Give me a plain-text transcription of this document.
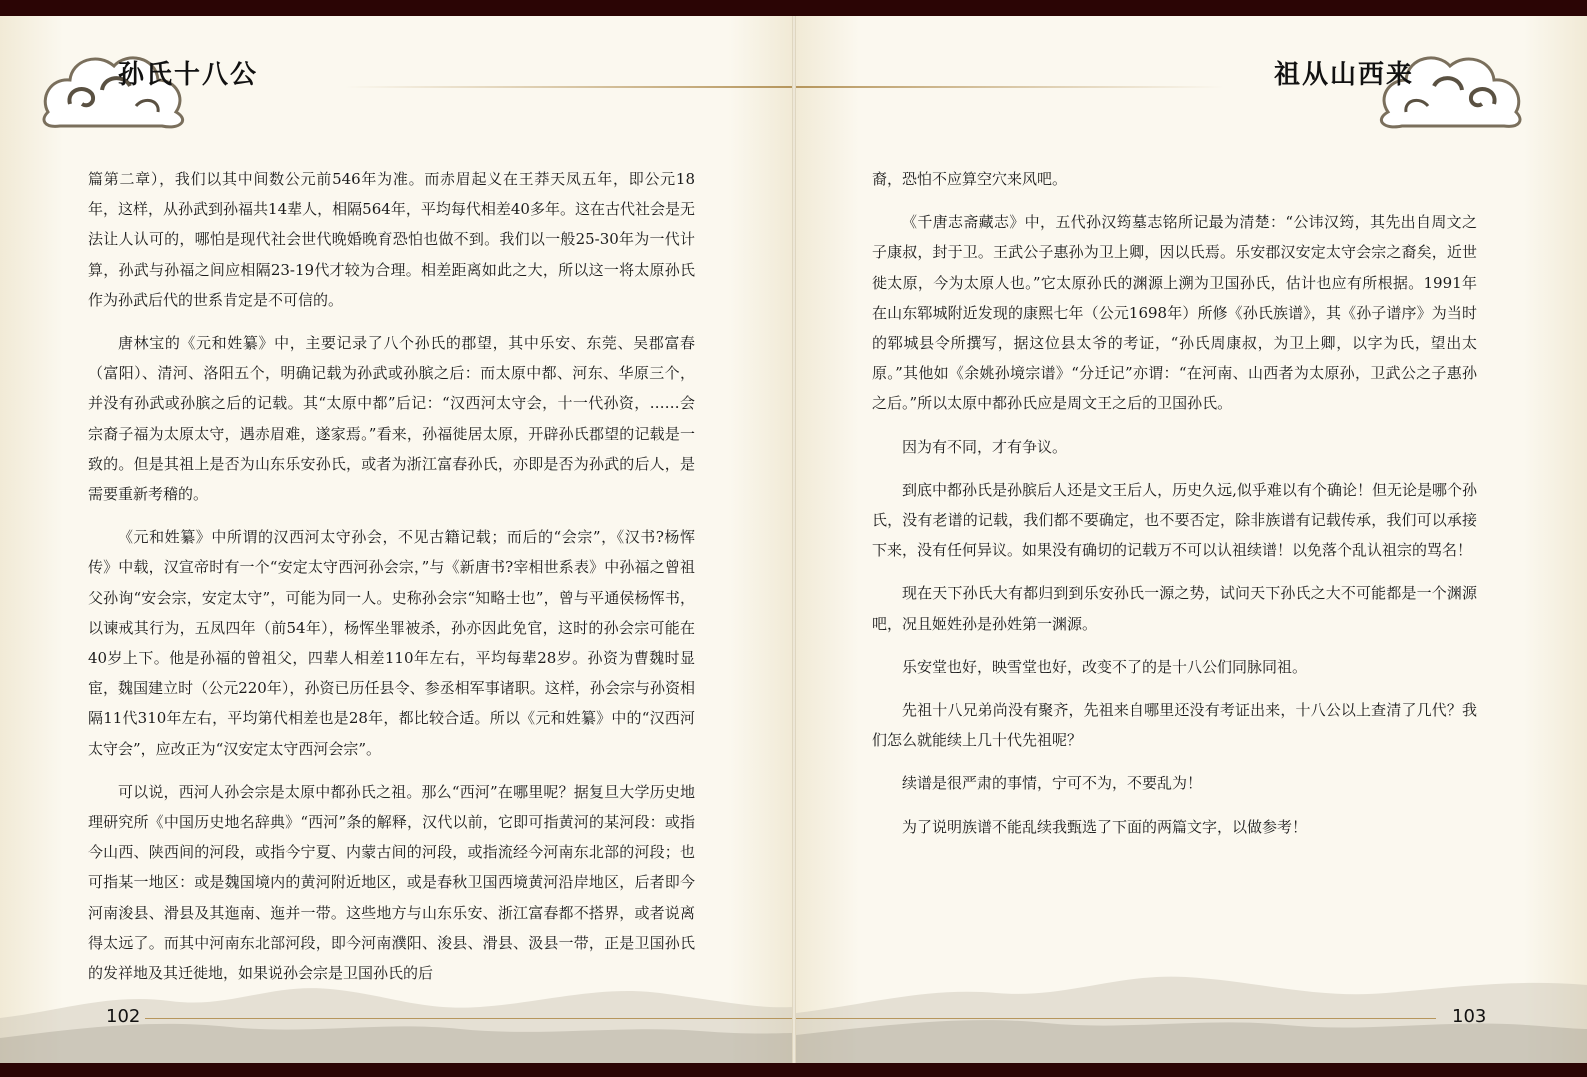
孙氏十八公
102

篇第二章），我们以其中间数公元前546年为准。而赤眉起义在王莽天凤五年，即公元18年，这样，从孙武到孙福共14辈人，相隔564年，平均每代相差40多年。这在古代社会是无法让人认可的，哪怕是现代社会世代晚婚晚育恐怕也做不到。我们以一般25-30年为一代计算，孙武与孙福之间应相隔23-19代才较为合理。相差距离如此之大，所以这一将太原孙氏作为孙武后代的世系肯定是不可信的。

唐林宝的《元和姓纂》中，主要记录了八个孙氏的郡望，其中乐安、东莞、吴郡富春（富阳）、清河、洛阳五个，明确记载为孙武或孙膑之后：而太原中都、河东、华原三个，并没有孙武或孙膑之后的记载。其“太原中都”后记：“汉西河太守会，十一代孙资，……会宗裔子福为太原太守，遇赤眉难，遂家焉。”看来，孙福徙居太原，开辟孙氏郡望的记载是一致的。但是其祖上是否为山东乐安孙氏，或者为浙江富春孙氏，亦即是否为孙武的后人，是需要重新考稽的。

《元和姓纂》中所谓的汉西河太守孙会，不见古籍记载；而后的“会宗”，《汉书?杨恽传》中载，汉宣帝时有一个“安定太守西河孙会宗，”与《新唐书?宰相世系表》中孙福之曾祖父孙询“安会宗，安定太守”，可能为同一人。史称孙会宗“知略士也”，曾与平通侯杨恽书，以谏戒其行为，五凤四年（前54年），杨恽坐罪被杀，孙亦因此免官，这时的孙会宗可能在40岁上下。他是孙福的曾祖父，四辈人相差110年左右，平均每辈28岁。孙资为曹魏时显宦，魏国建立时（公元220年），孙资已历任县令、参丞相军事诸职。这样，孙会宗与孙资相隔11代310年左右，平均第代相差也是28年，都比较合适。所以《元和姓纂》中的“汉西河太守会”，应改正为“汉安定太守西河会宗”。

可以说，西河人孙会宗是太原中都孙氏之祖。那么“西河”在哪里呢？据复旦大学历史地理研究所《中国历史地名辞典》“西河”条的解释，汉代以前，它即可指黄河的某河段：或指今山西、陕西间的河段，或指今宁夏、内蒙古间的河段，或指流经今河南东北部的河段；也可指某一地区：或是魏国境内的黄河附近地区，或是春秋卫国西境黄河沿岸地区，后者即今河南浚县、滑县及其迤南、迤并一带。这些地方与山东乐安、浙江富春都不搭界，或者说离得太远了。而其中河南东北部河段，即今河南濮阳、浚县、滑县、汲县一带，正是卫国孙氏的发祥地及其迁徙地，如果说孙会宗是卫国孙氏的后

祖从山西来
103

裔，恐怕不应算空穴来风吧。

《千唐志斋藏志》中，五代孙汉筠墓志铭所记最为清楚：“公讳汉筠，其先出自周文之子康叔，封于卫。王武公子惠孙为卫上卿，因以氏焉。乐安郡汉安定太守会宗之裔矣，近世徙太原，今为太原人也。”它太原孙氏的渊源上溯为卫国孙氏，估计也应有所根据。1991年在山东郓城附近发现的康熙七年（公元1698年）所修《孙氏族谱》，其《孙子谱序》为当时的郓城县令所撰写，据这位县太爷的考证，“孙氏周康叔，为卫上卿，以字为氏，望出太原。”其他如《余姚孙境宗谱》“分迁记”亦谓：“在河南、山西者为太原孙，卫武公之子惠孙之后。”所以太原中都孙氏应是周文王之后的卫国孙氏。

因为有不同，才有争议。

到底中都孙氏是孙膑后人还是文王后人，历史久远,似乎难以有个确论！但无论是哪个孙氏，没有老谱的记载，我们都不要确定，也不要否定，除非族谱有记载传承，我们可以承接下来，没有任何异议。如果没有确切的记载万不可以认祖续谱！以免落个乱认祖宗的骂名！

现在天下孙氏大有都归到到乐安孙氏一源之势，试问天下孙氏之大不可能都是一个渊源吧，况且姬姓孙是孙姓第一渊源。

乐安堂也好，映雪堂也好，改变不了的是十八公们同脉同祖。

先祖十八兄弟尚没有聚齐，先祖来自哪里还没有考证出来，十八公以上查清了几代？我们怎么就能续上几十代先祖呢？

续谱是很严肃的事情，宁可不为，不要乱为！

为了说明族谱不能乱续我甄选了下面的两篇文字，以做参考！
